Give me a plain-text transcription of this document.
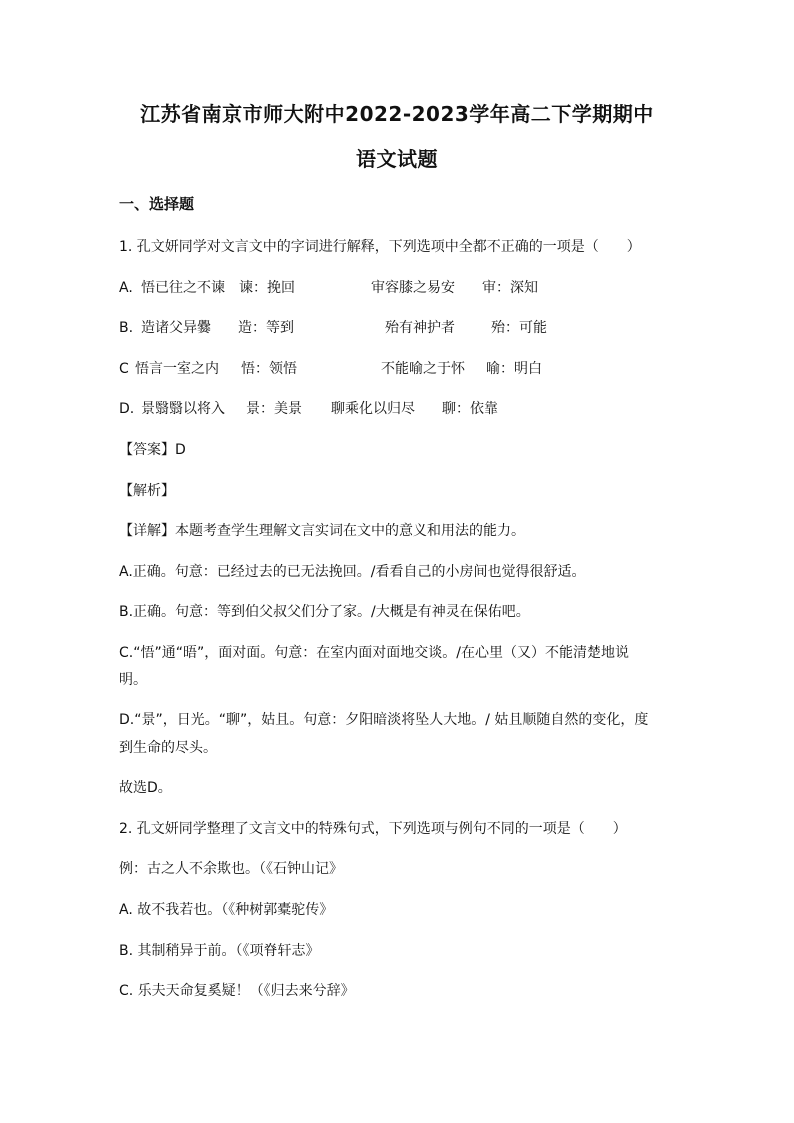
江苏省南京市师大附中2022-2023学年高二下学期期中
语文试题
一、选择题
1. 孔文妍同学对文言文中的字词进行解释，下列选项中全都不正确的一项是（　　）
A. 悟已往之不谏 谏：挽回	审容膝之易安 审：深知
B. 造诸父异爨 造：等到	殆有神护者	殆：可能
C 悟言一室之内 悟：领悟	不能喻之于怀 喻：明白
D. 景翳翳以将入 景：美景 聊乘化以归尽 聊：依靠
【答案】D
【解析】
【详解】本题考查学生理解文言实词在文中的意义和用法的能力。
A.正确。句意：已经过去的已无法挽回。/看看自己的小房间也觉得很舒适。
B.正确。句意：等到伯父叔父们分了家。/大概是有神灵在保佑吧。
C.“悟”通“晤”，面对面。句意：在室内面对面地交谈。/在心里（又）不能清楚地说
明。
D.“景”，日光。“聊”，姑且。句意：夕阳暗淡将坠人大地。/ 姑且顺随自然的变化，度
到生命的尽头。
故选D。
2. 孔文妍同学整理了文言文中的特殊句式，下列选项与例句不同的一项是（　　）
例：古之人不余欺也。（《石钟山记》
A. 故不我若也。（《种树郭橐驼传》
B. 其制稍异于前。（《项脊轩志》
C. 乐夫天命复奚疑！（《归去来兮辞》
